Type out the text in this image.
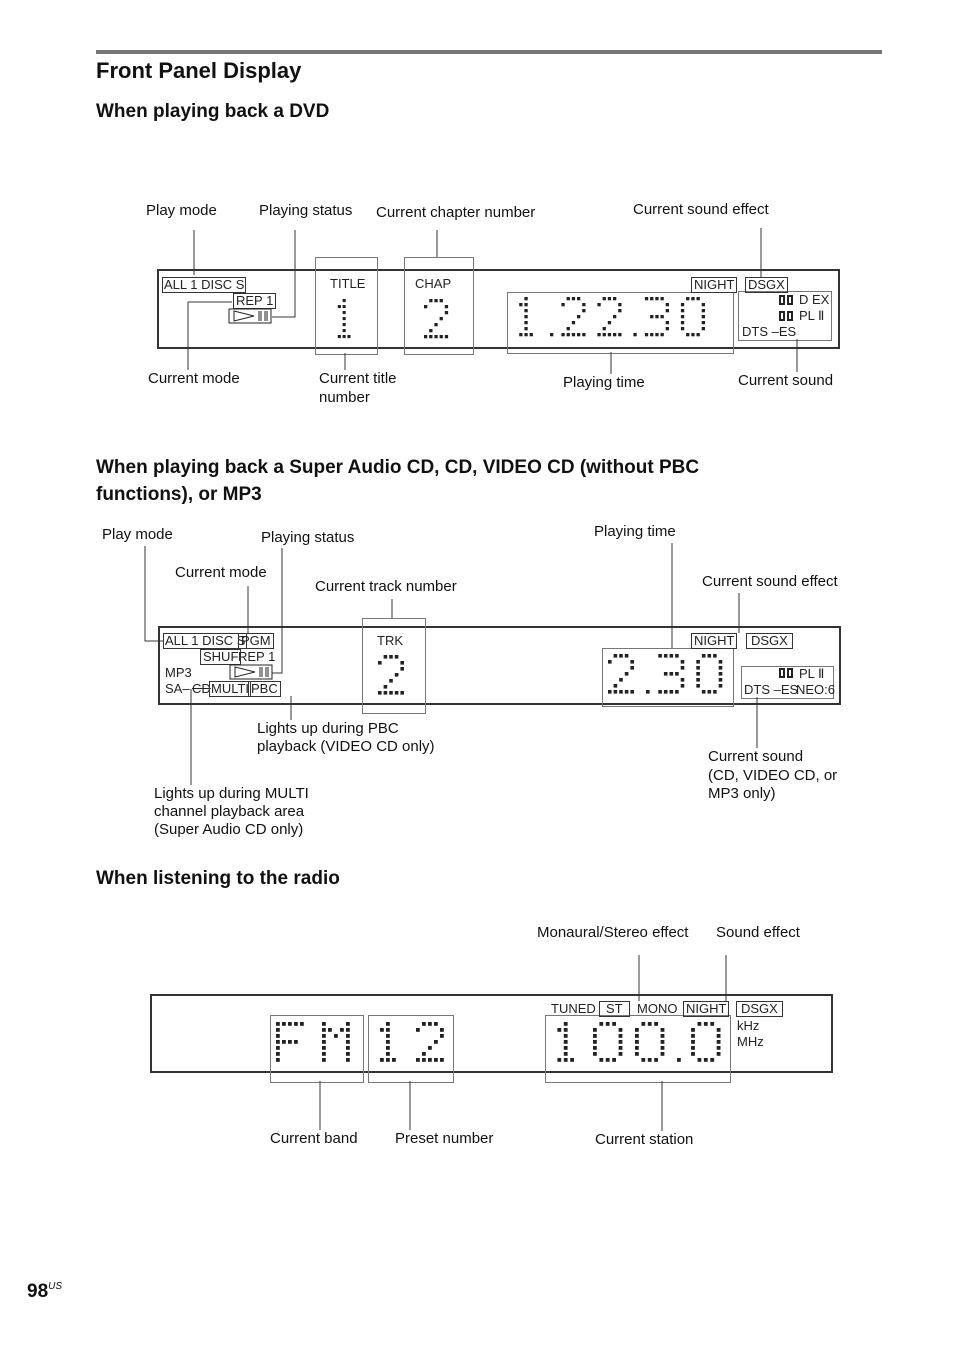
Front Panel Display
When playing back a DVD
Play mode	Playing status Current chapter number	Current sound effect
Current mode	Current title
number
Playing time	Current sound
ALL 1 DISC S
REP 1
TITLE	CHAP	NIGHT DSGX
D EX
PL Ⅱ
DTS –ES
When playing back a Super Audio CD, CD, VIDEO CD (without PBC
functions), or MP3
Play mode	Playing status
Current mode
Current track number
Playing time
Current sound effect
Lights up during PBC
playback (VIDEO CD only)
Lights up during MULTI
channel playback area
(Super Audio CD only)
Current sound
(CD, VIDEO CD, or
MP3 only)
ALL 1 DISC S
PGM
SHUF REP 1
MP3
SA– CD MULTI PBC
TRK	NIGHT	DSGX
PL Ⅱ
DTS –ES
NEO:6
When listening to the radio
Monaural/Stereo effect Sound effect
Current band Preset number	Current station
TUNED ST	MONO NIGHT	DSGX
kHz
MHz
$98^{US}$
